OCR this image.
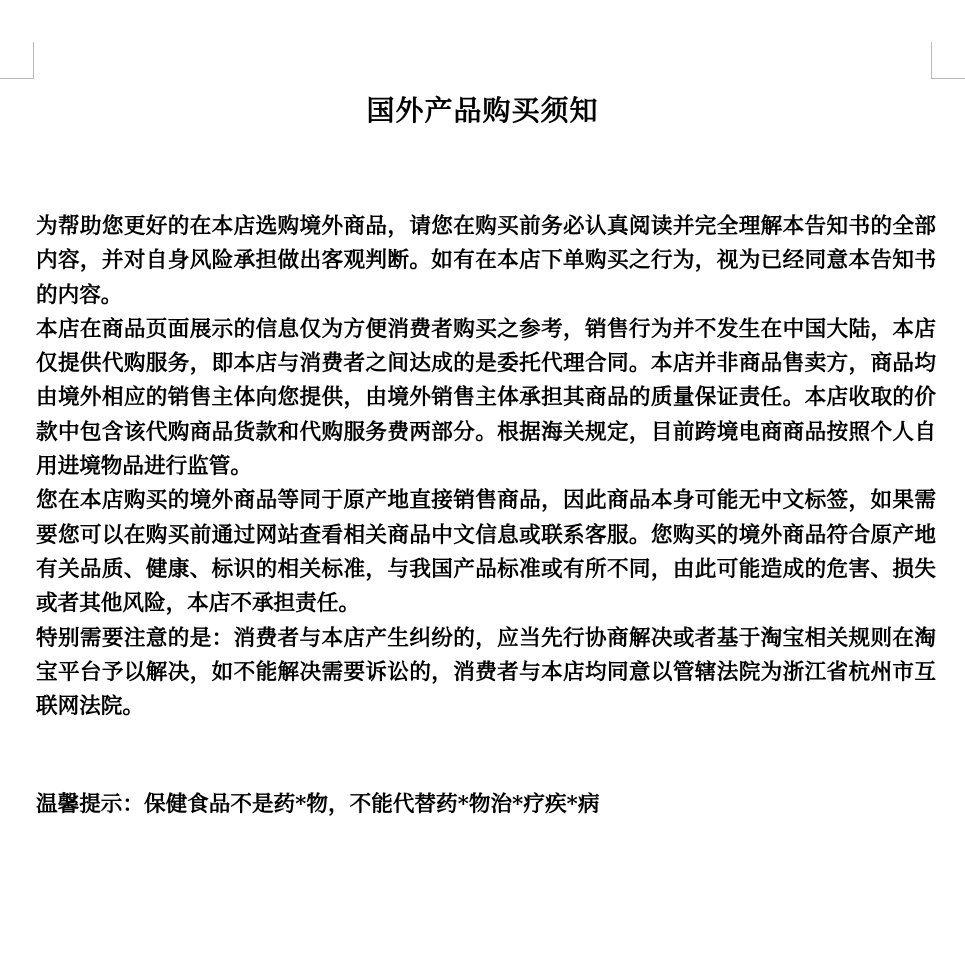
国外产品购买须知

为帮助您更好的在本店选购境外商品，请您在购买前务必认真阅读并完全理解本告知书的全部内容，并对自身风险承担做出客观判断。如有在本店下单购买之行为，视为已经同意本告知书的内容。

本店在商品页面展示的信息仅为方便消费者购买之参考，销售行为并不发生在中国大陆，本店仅提供代购服务，即本店与消费者之间达成的是委托代理合同。本店并非商品售卖方，商品均由境外相应的销售主体向您提供，由境外销售主体承担其商品的质量保证责任。本店收取的价款中包含该代购商品货款和代购服务费两部分。根据海关规定，目前跨境电商商品按照个人自用进境物品进行监管。

您在本店购买的境外商品等同于原产地直接销售商品，因此商品本身可能无中文标签，如果需要您可以在购买前通过网站查看相关商品中文信息或联系客服。您购买的境外商品符合原产地有关品质、健康、标识的相关标准，与我国产品标准或有所不同，由此可能造成的危害、损失或者其他风险，本店不承担责任。

特别需要注意的是：消费者与本店产生纠纷的，应当先行协商解决或者基于淘宝相关规则在淘宝平台予以解决，如不能解决需要诉讼的，消费者与本店均同意以管辖法院为浙江省杭州市互联网法院。

温馨提示：保健食品不是药*物，不能代替药*物治*疗疾*病
